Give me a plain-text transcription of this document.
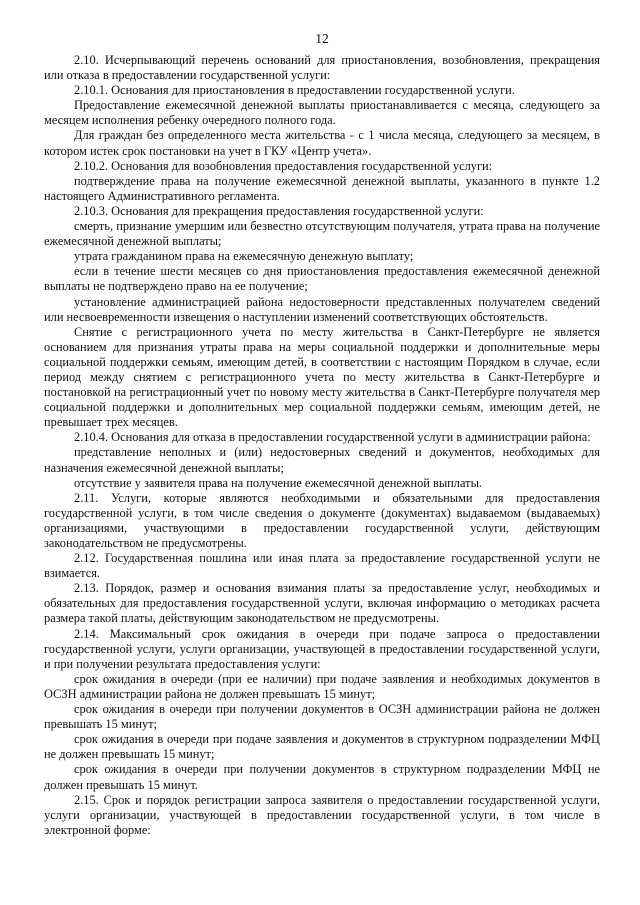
12

2.10. Исчерпывающий перечень оснований для приостановления, возобновления, прекращения или отказа в предоставлении государственной услуги:

2.10.1. Основания для приостановления в предоставлении государственной услуги.

Предоставление ежемесячной денежной выплаты приостанавливается с месяца, следующего за месяцем исполнения ребенку очередного полного года.

Для граждан без определенного места жительства - с 1 числа месяца, следующего за месяцем, в котором истек срок постановки на учет в ГКУ «Центр учета».

2.10.2. Основания для возобновления предоставления государственной услуги:

подтверждение права на получение ежемесячной денежной выплаты, указанного в пункте 1.2 настоящего Административного регламента.

2.10.3. Основания для прекращения предоставления государственной услуги:

смерть, признание умершим или безвестно отсутствующим получателя, утрата права на получение ежемесячной денежной выплаты;

утрата гражданином права на ежемесячную денежную выплату;

если в течение шести месяцев со дня приостановления предоставления ежемесячной денежной выплаты не подтверждено право на ее получение;

установление администрацией района недостоверности представленных получателем сведений или несвоевременности извещения о наступлении изменений соответствующих обстоятельств.

Снятие с регистрационного учета по месту жительства в Санкт-Петербурге не является основанием для признания утраты права на меры социальной поддержки и дополнительные меры социальной поддержки семьям, имеющим детей, в соответствии с настоящим Порядком в случае, если период между снятием с регистрационного учета по месту жительства в Санкт-Петербурге и постановкой на регистрационный учет по новому месту жительства в Санкт-Петербурге получателя мер социальной поддержки и дополнительных мер социальной поддержки семьям, имеющим детей, не превышает трех месяцев.

2.10.4. Основания для отказа в предоставлении государственной услуги в администрации района:

представление неполных и (или) недостоверных сведений и документов, необходимых для назначения ежемесячной денежной выплаты;

отсутствие у заявителя права на получение ежемесячной денежной выплаты.

2.11. Услуги, которые являются необходимыми и обязательными для предоставления государственной услуги, в том числе сведения о документе (документах) выдаваемом (выдаваемых) организациями, участвующими в предоставлении государственной услуги, действующим законодательством не предусмотрены.

2.12. Государственная пошлина или иная плата за предоставление государственной услуги не взимается.

2.13. Порядок, размер и основания взимания платы за предоставление услуг, необходимых и обязательных для предоставления государственной услуги, включая информацию о методиках расчета размера такой платы, действующим законодательством не предусмотрены.

2.14. Максимальный срок ожидания в очереди при подаче запроса о предоставлении государственной услуги, услуги организации, участвующей в предоставлении государственной услуги, и при получении результата предоставления услуги:

срок ожидания в очереди (при ее наличии) при подаче заявления и необходимых документов в ОСЗН администрации района не должен превышать 15 минут;

срок ожидания в очереди при получении документов в ОСЗН администрации района не должен превышать 15 минут;

срок ожидания в очереди при подаче заявления и документов в структурном подразделении МФЦ не должен превышать 15 минут;

срок ожидания в очереди при получении документов в структурном подразделении МФЦ не должен превышать 15 минут.

2.15. Срок и порядок регистрации запроса заявителя о предоставлении государственной услуги, услуги организации, участвующей в предоставлении государственной услуги, в том числе в электронной форме:
